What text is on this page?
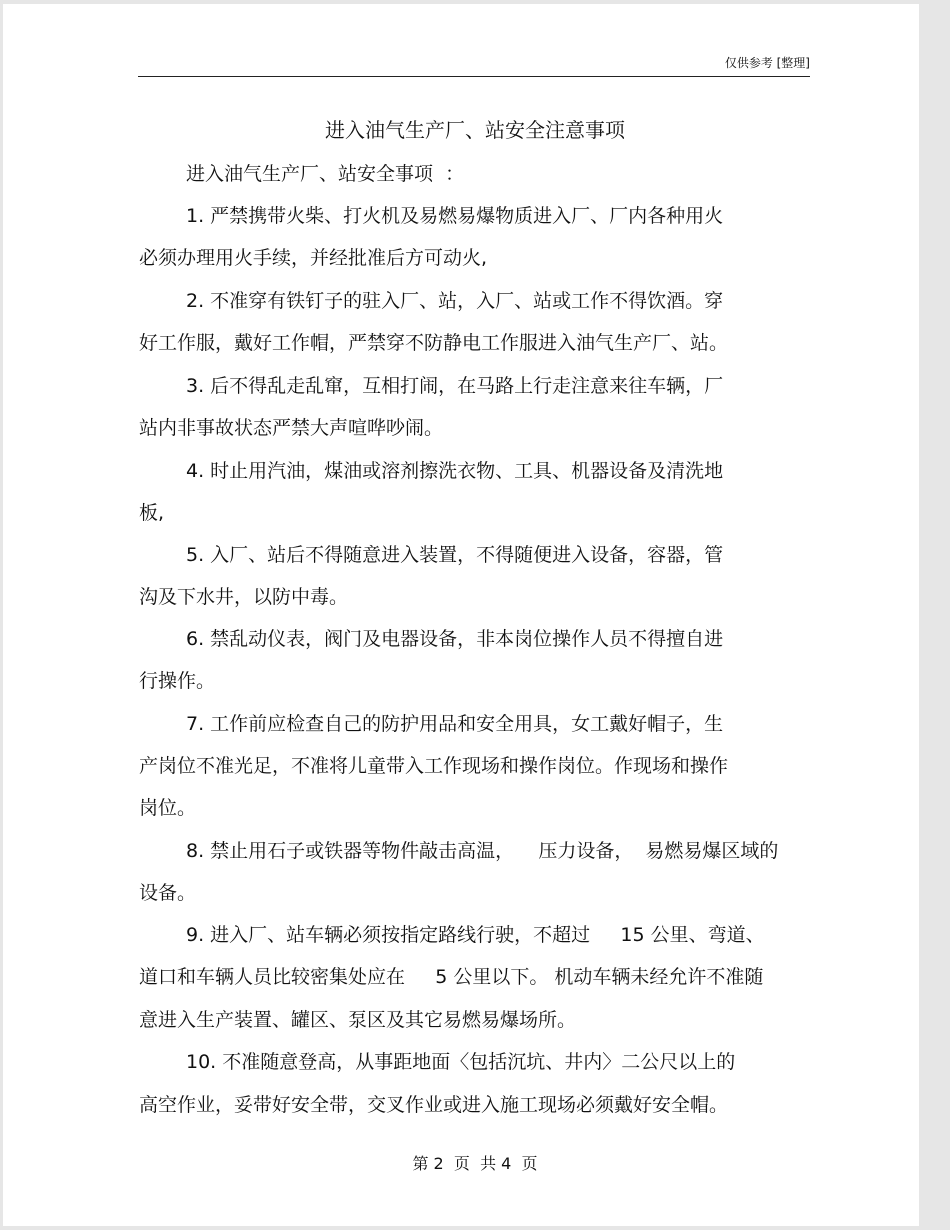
仅供参考 [整理]
进入油气生产厂、站安全注意事项
进入油气生产厂、站安全事项  ：
1. 严禁携带火柴、打火机及易燃易爆物质进入厂、厂内各种用火
必须办理用火手续，并经批准后方可动火,
2. 不准穿有铁钉子的驻入厂、站，入厂、站或工作不得饮酒。穿
好工作服，戴好工作帽，严禁穿不防静电工作服进入油气生产厂、站。
3. 后不得乱走乱窜，互相打闹，在马路上行走注意来往车辆，厂
站内非事故状态严禁大声喧哗吵闹。
4. 时止用汽油，煤油或溶剂擦洗衣物、工具、机器设备及清洗地
板,
5. 入厂、站后不得随意进入装置，不得随便进入设备，容器，管
沟及下水井，以防中毒。
6. 禁乱动仪表，阀门及电器设备，非本岗位操作人员不得擅自进
行操作。
7. 工作前应检查自己的防护用品和安全用具，女工戴好帽子，生
产岗位不准光足，不准将儿童带入工作现场和操作岗位。作现场和操作
岗位。
8. 禁止用石子或铁器等物件敲击高温，    压力设备，  易燃易爆区域的
设备。
9. 进入厂、站车辆必须按指定路线行驶，不超过     15 公里、弯道、
道口和车辆人员比较密集处应在     5 公里以下。 机动车辆未经允许不准随
意进入生产装置、罐区、泵区及其它易燃易爆场所。
10. 不准随意登高，从事距地面〈包括沉坑、井内〉二公尺以上的
高空作业，妥带好安全带，交叉作业或进入施工现场必须戴好安全帽。
第 2  页  共 4  页
